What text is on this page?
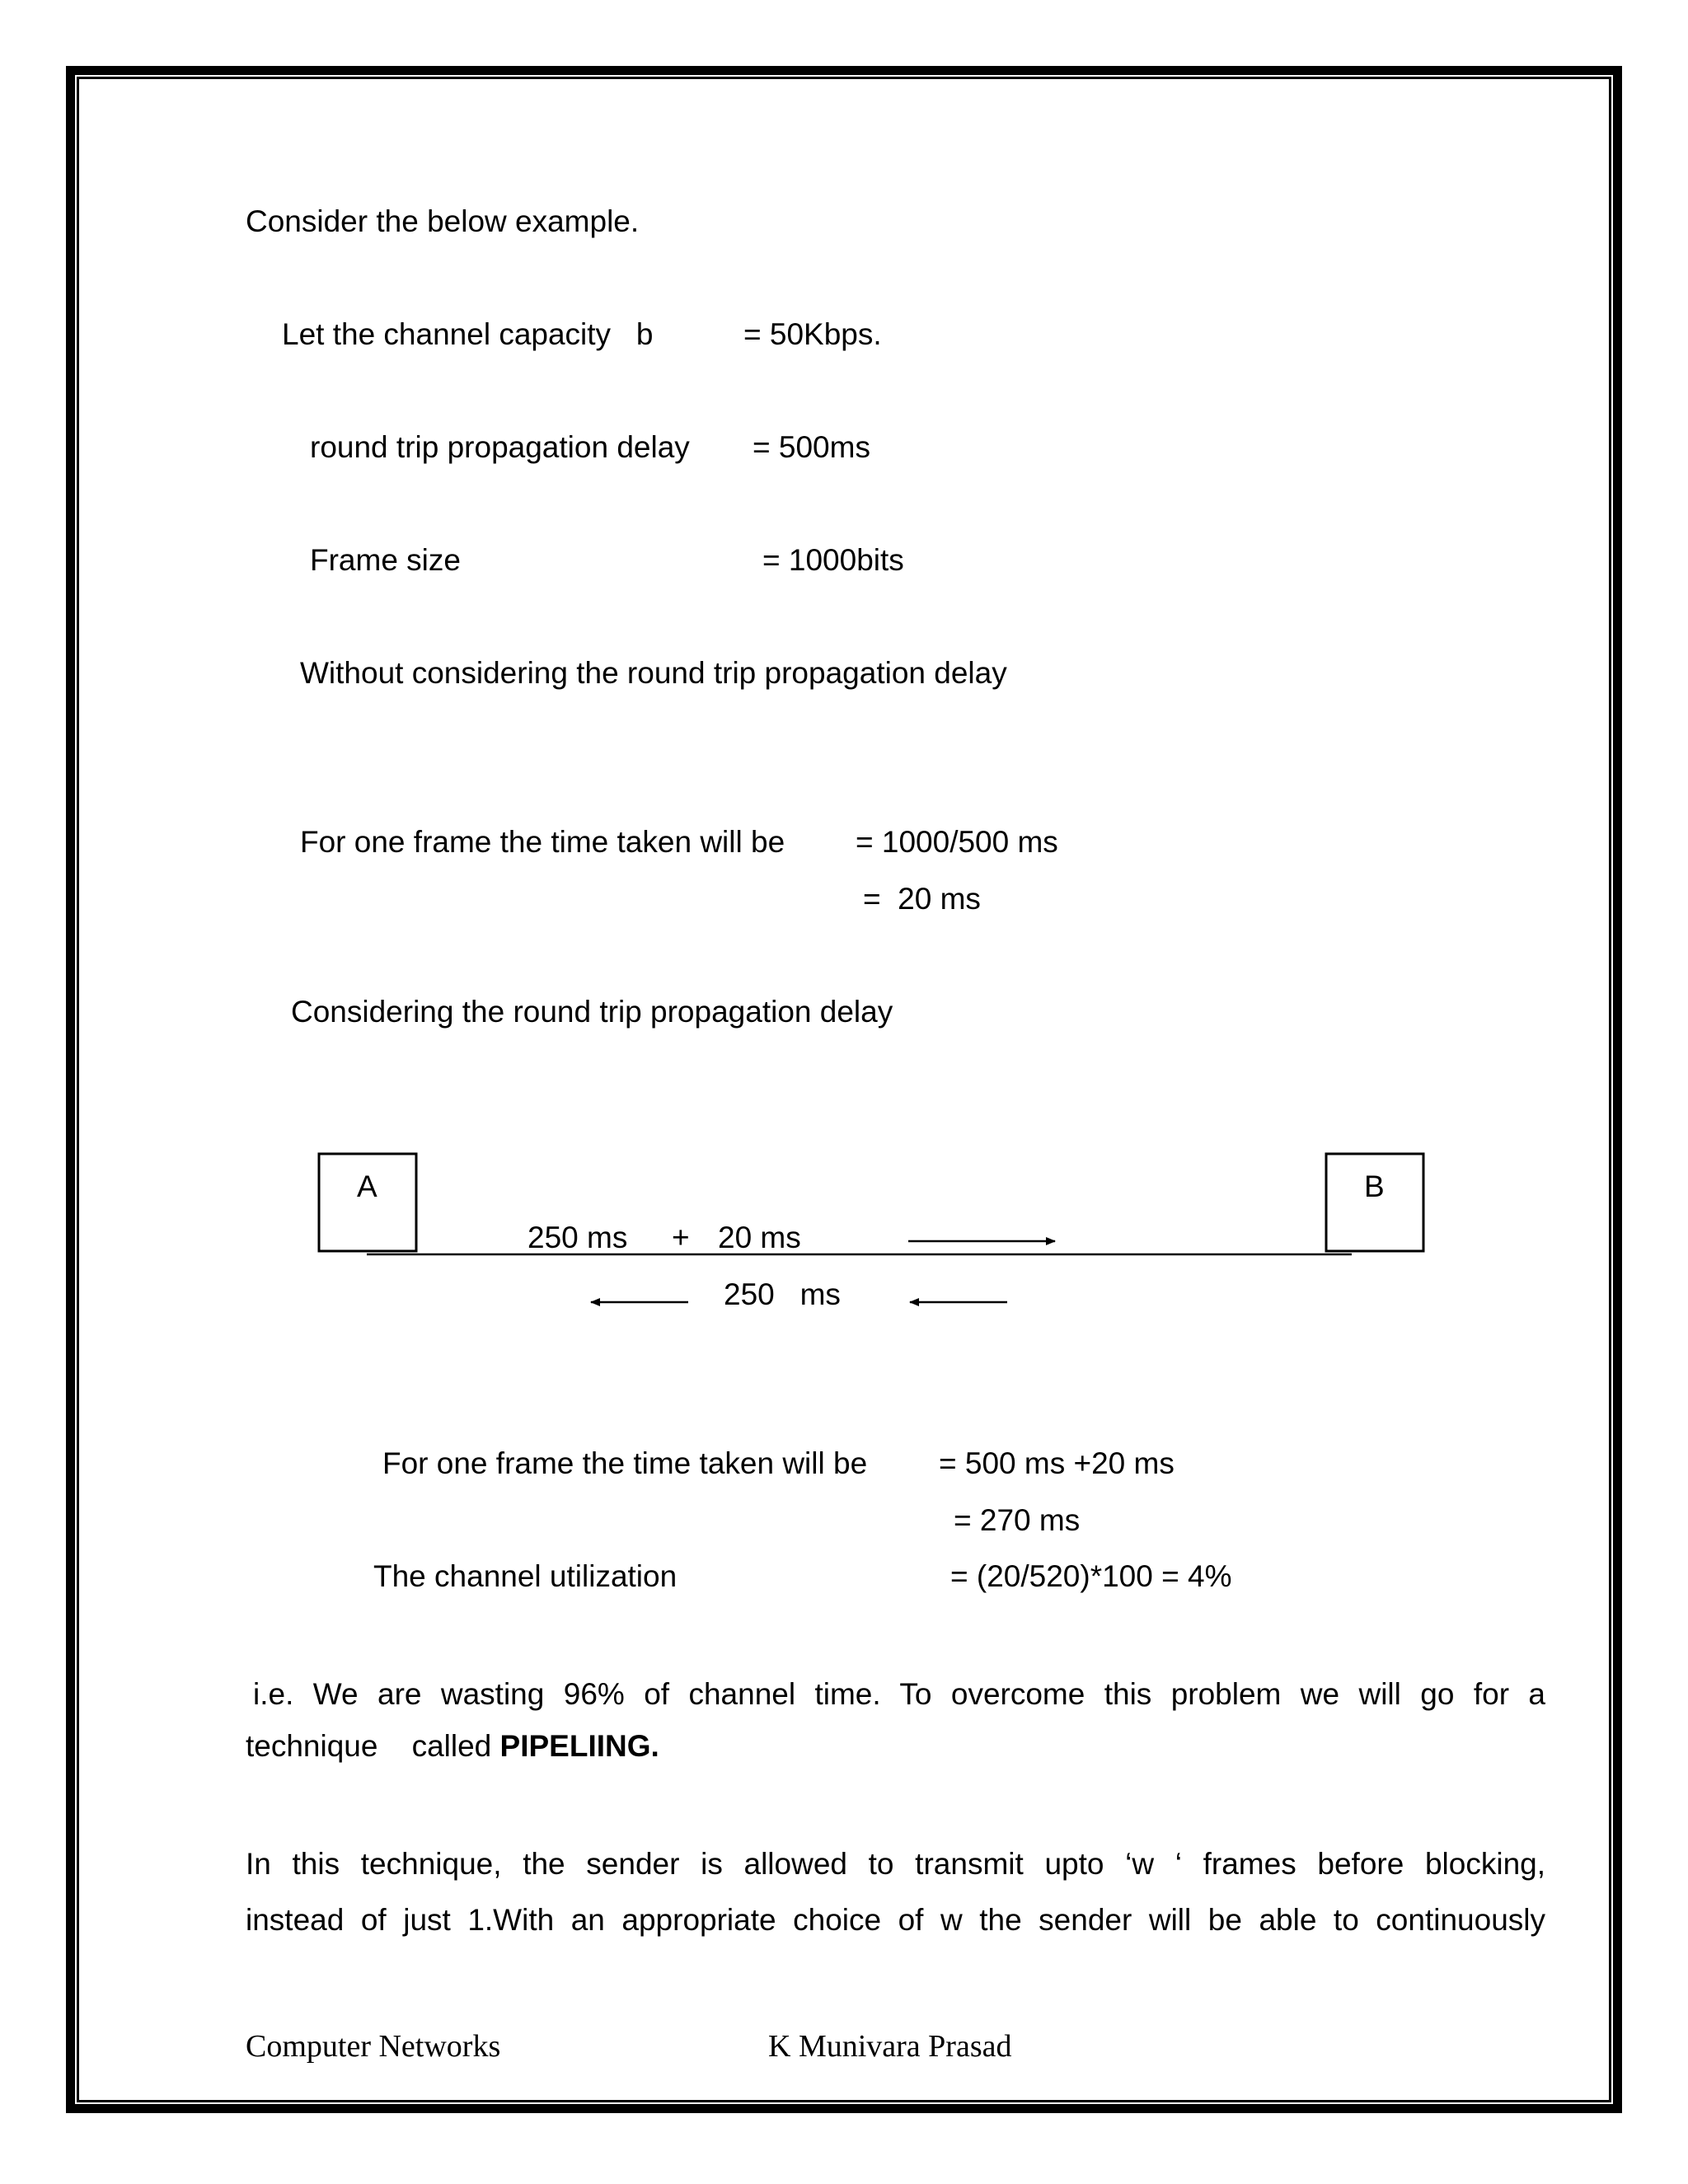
Consider the below example.
Let the channel capacity   b	= 50Kbps.
round trip propagation delay = 500ms
Frame size	= 1000bits
Without considering the round trip propagation delay
For one frame the time taken will be = 1000/500 ms
=  20 ms
Considering the round trip propagation delay
A	B
250 ms + 20 ms
250   ms
For one frame the time taken will be = 500 ms +20 ms
= 270 ms
The channel utilization	= (20/520)*100 = 4%
i.e. We are wasting 96% of channel time. To overcome this problem we will go for a
technique    called PIPELIING.
In this technique, the sender is allowed to transmit upto ‘w ‘ frames before blocking,
instead of just 1.With an appropriate choice of w the sender will be able to continuously
Computer Networks	K Munivara Prasad
